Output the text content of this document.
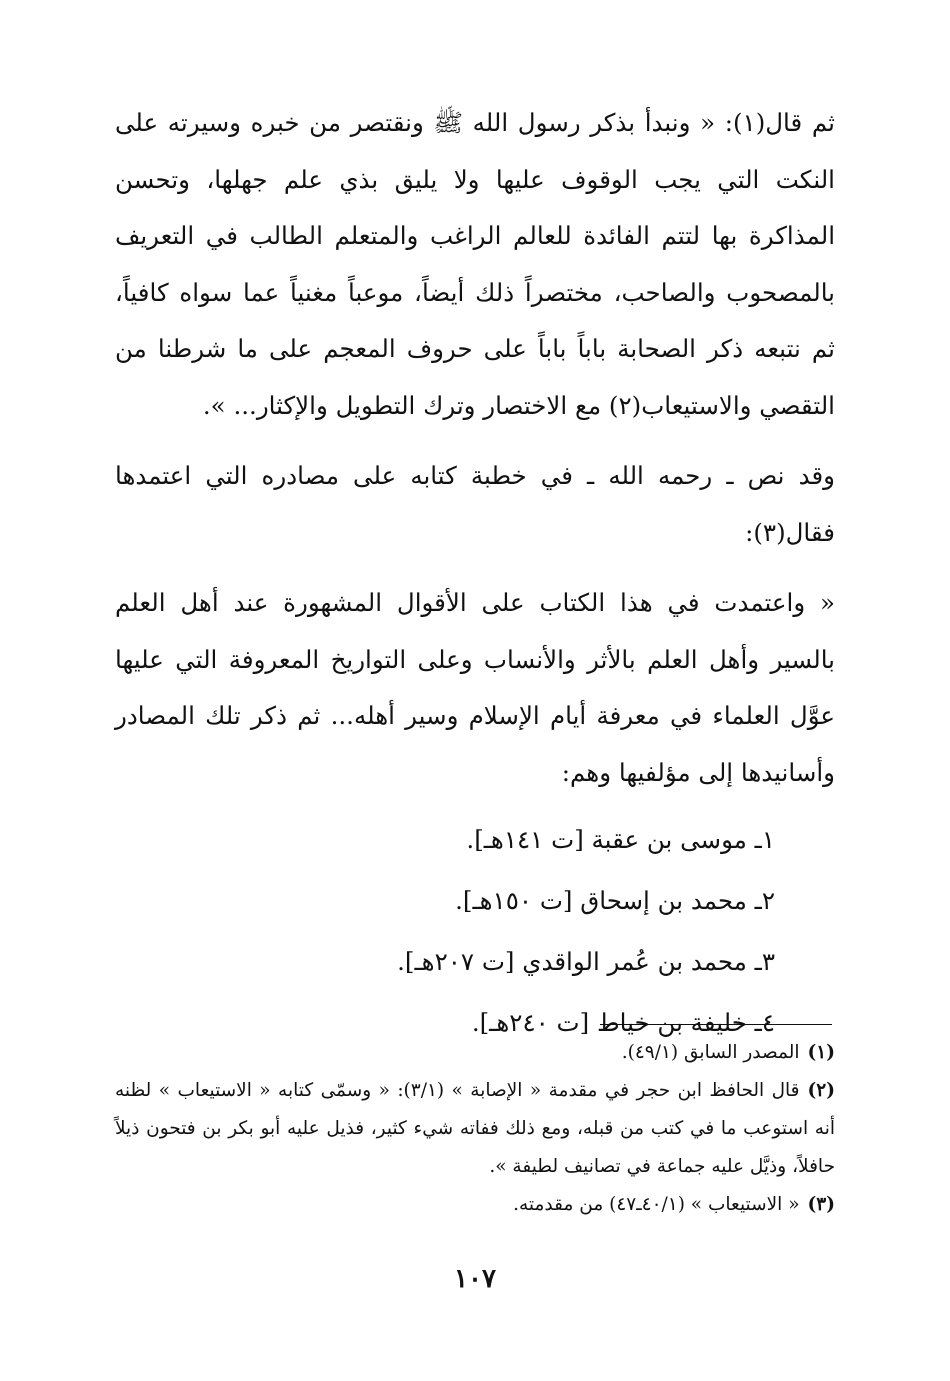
ثم قال(١): « ونبدأ بذكر رسول الله ﷺ ونقتصر من خبره وسيرته على النكت التي يجب الوقوف عليها ولا يليق بذي علم جهلها، وتحسن المذاكرة بها لتتم الفائدة للعالم الراغب والمتعلم الطالب في التعريف بالمصحوب والصاحب، مختصراً ذلك أيضاً، موعباً مغنياً عما سواه كافياً، ثم نتبعه ذكر الصحابة باباً باباً على حروف المعجم على ما شرطنا من التقصي والاستيعاب(٢) مع الاختصار وترك التطويل والإكثار... ».

وقد نص ـ رحمه الله ـ في خطبة كتابه على مصادره التي اعتمدها فقال(٣):

« واعتمدت في هذا الكتاب على الأقوال المشهورة عند أهل العلم بالسير وأهل العلم بالأثر والأنساب وعلى التواريخ المعروفة التي عليها عوَّل العلماء في معرفة أيام الإسلام وسير أهله... ثم ذكر تلك المصادر وأسانيدها إلى مؤلفيها وهم:

١ـ موسى بن عقبة [ت ١٤١هـ].
٢ـ محمد بن إسحاق [ت ١٥٠هـ].
٣ـ محمد بن عُمر الواقدي [ت ٢٠٧هـ].
٤ـ خليفة بن خياط [ت ٢٤٠هـ].

(١)المصدر السابق (٤٩/١).

(٢)قال الحافظ ابن حجر في مقدمة « الإصابة » (٣/١): « وسمّى كتابه « الاستيعاب » لظنه أنه استوعب ما في كتب من قبله، ومع ذلك ففاته شيء كثير، فذيل عليه أبو بكر بن فتحون ذيلاً حافلاً، وذيَّل عليه جماعة في تصانيف لطيفة ».

(٣)« الاستيعاب » (٤٠/١ـ٤٧) من مقدمته.

١٠٧
